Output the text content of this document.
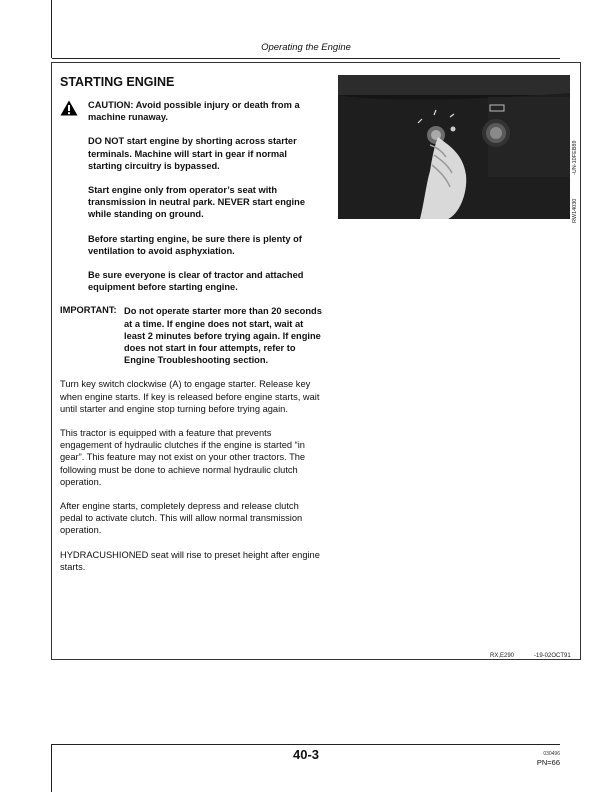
Operating the Engine
STARTING ENGINE

CAUTION: Avoid possible injury or death from a machine runaway.

DO NOT start engine by shorting across starter terminals. Machine will start in gear if normal starting circuitry is bypassed.

Start engine only from operator’s seat with transmission in neutral park. NEVER start engine while standing on ground.

Before starting engine, be sure there is plenty of ventilation to avoid asphyxiation.

Be sure everyone is clear of tractor and attached equipment before starting engine.

IMPORTANT: Do not operate starter more than 20 seconds at a time. If engine does not start, wait at least 2 minutes before trying again. If engine does not start in four attempts, refer to Engine Troubleshooting section.

Turn key switch clockwise (A) to engage starter. Release key when engine starts. If key is released before engine starts, wait until starter and engine stop turning before trying again.

This tractor is equipped with a feature that prevents engagement of hydraulic clutches if the engine is started “in gear”. This feature may not exist on your other tractors. The following must be done to achieve normal hydraulic clutch operation.

After engine starts, completely depress and release clutch pedal to activate clutch. This will allow normal transmission operation.

HYDRACUSHIONED seat will rise to preset height after engine starts.

-UN-10FEB89
RW14030
RX,E290	-19-02OCT91
40-3	030496
PN=66
